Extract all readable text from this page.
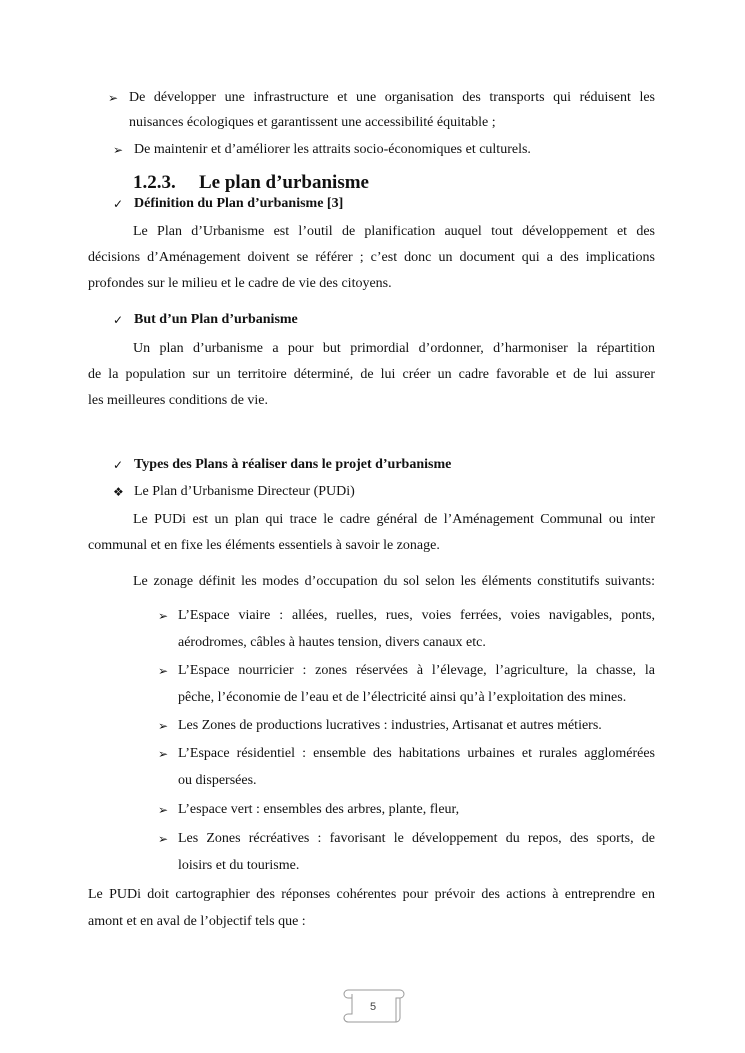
➢ De développer une infrastructure et une organisation des transports qui réduisent les
nuisances écologiques et garantissent une accessibilité équitable ;
➢ De maintenir et d’améliorer les attraits socio-économiques et culturels.
1.2.3. Le plan d’urbanisme
✓ Définition du Plan d’urbanisme [3]
Le Plan d’Urbanisme est l’outil de planification auquel tout développement et des
décisions d’Aménagement doivent se référer ; c’est donc un document qui a des implications
profondes sur le milieu et le cadre de vie des citoyens.
✓ But d’un Plan d’urbanisme
Un plan d’urbanisme a pour but primordial d’ordonner, d’harmoniser la répartition
de la population sur un territoire déterminé, de lui créer un cadre favorable et de lui assurer
les meilleures conditions de vie.
✓ Types des Plans à réaliser dans le projet d’urbanisme
❖ Le Plan d’Urbanisme Directeur (PUDi)
Le PUDi est un plan qui trace le cadre général de l’Aménagement Communal ou inter
communal et en fixe les éléments essentiels à savoir le zonage.
Le zonage définit les modes d’occupation du sol selon les éléments constitutifs suivants:
➢ L’Espace viaire : allées, ruelles, rues, voies ferrées, voies navigables, ponts,
aérodromes, câbles à hautes tension, divers canaux etc.
➢ L’Espace nourricier : zones réservées à l’élevage, l’agriculture, la chasse, la
pêche, l’économie de l’eau et de l’électricité ainsi qu’à l’exploitation des mines.
➢ Les Zones de productions lucratives : industries, Artisanat et autres métiers.
➢ L’Espace résidentiel : ensemble des habitations urbaines et rurales agglomérées
ou dispersées.
➢ L’espace vert : ensembles des arbres, plante, fleur,
➢ Les Zones récréatives : favorisant le développement du repos, des sports, de
loisirs et du tourisme.
Le PUDi doit cartographier des réponses cohérentes pour prévoir des actions à entreprendre en
amont et en aval de l’objectif tels que :
5
